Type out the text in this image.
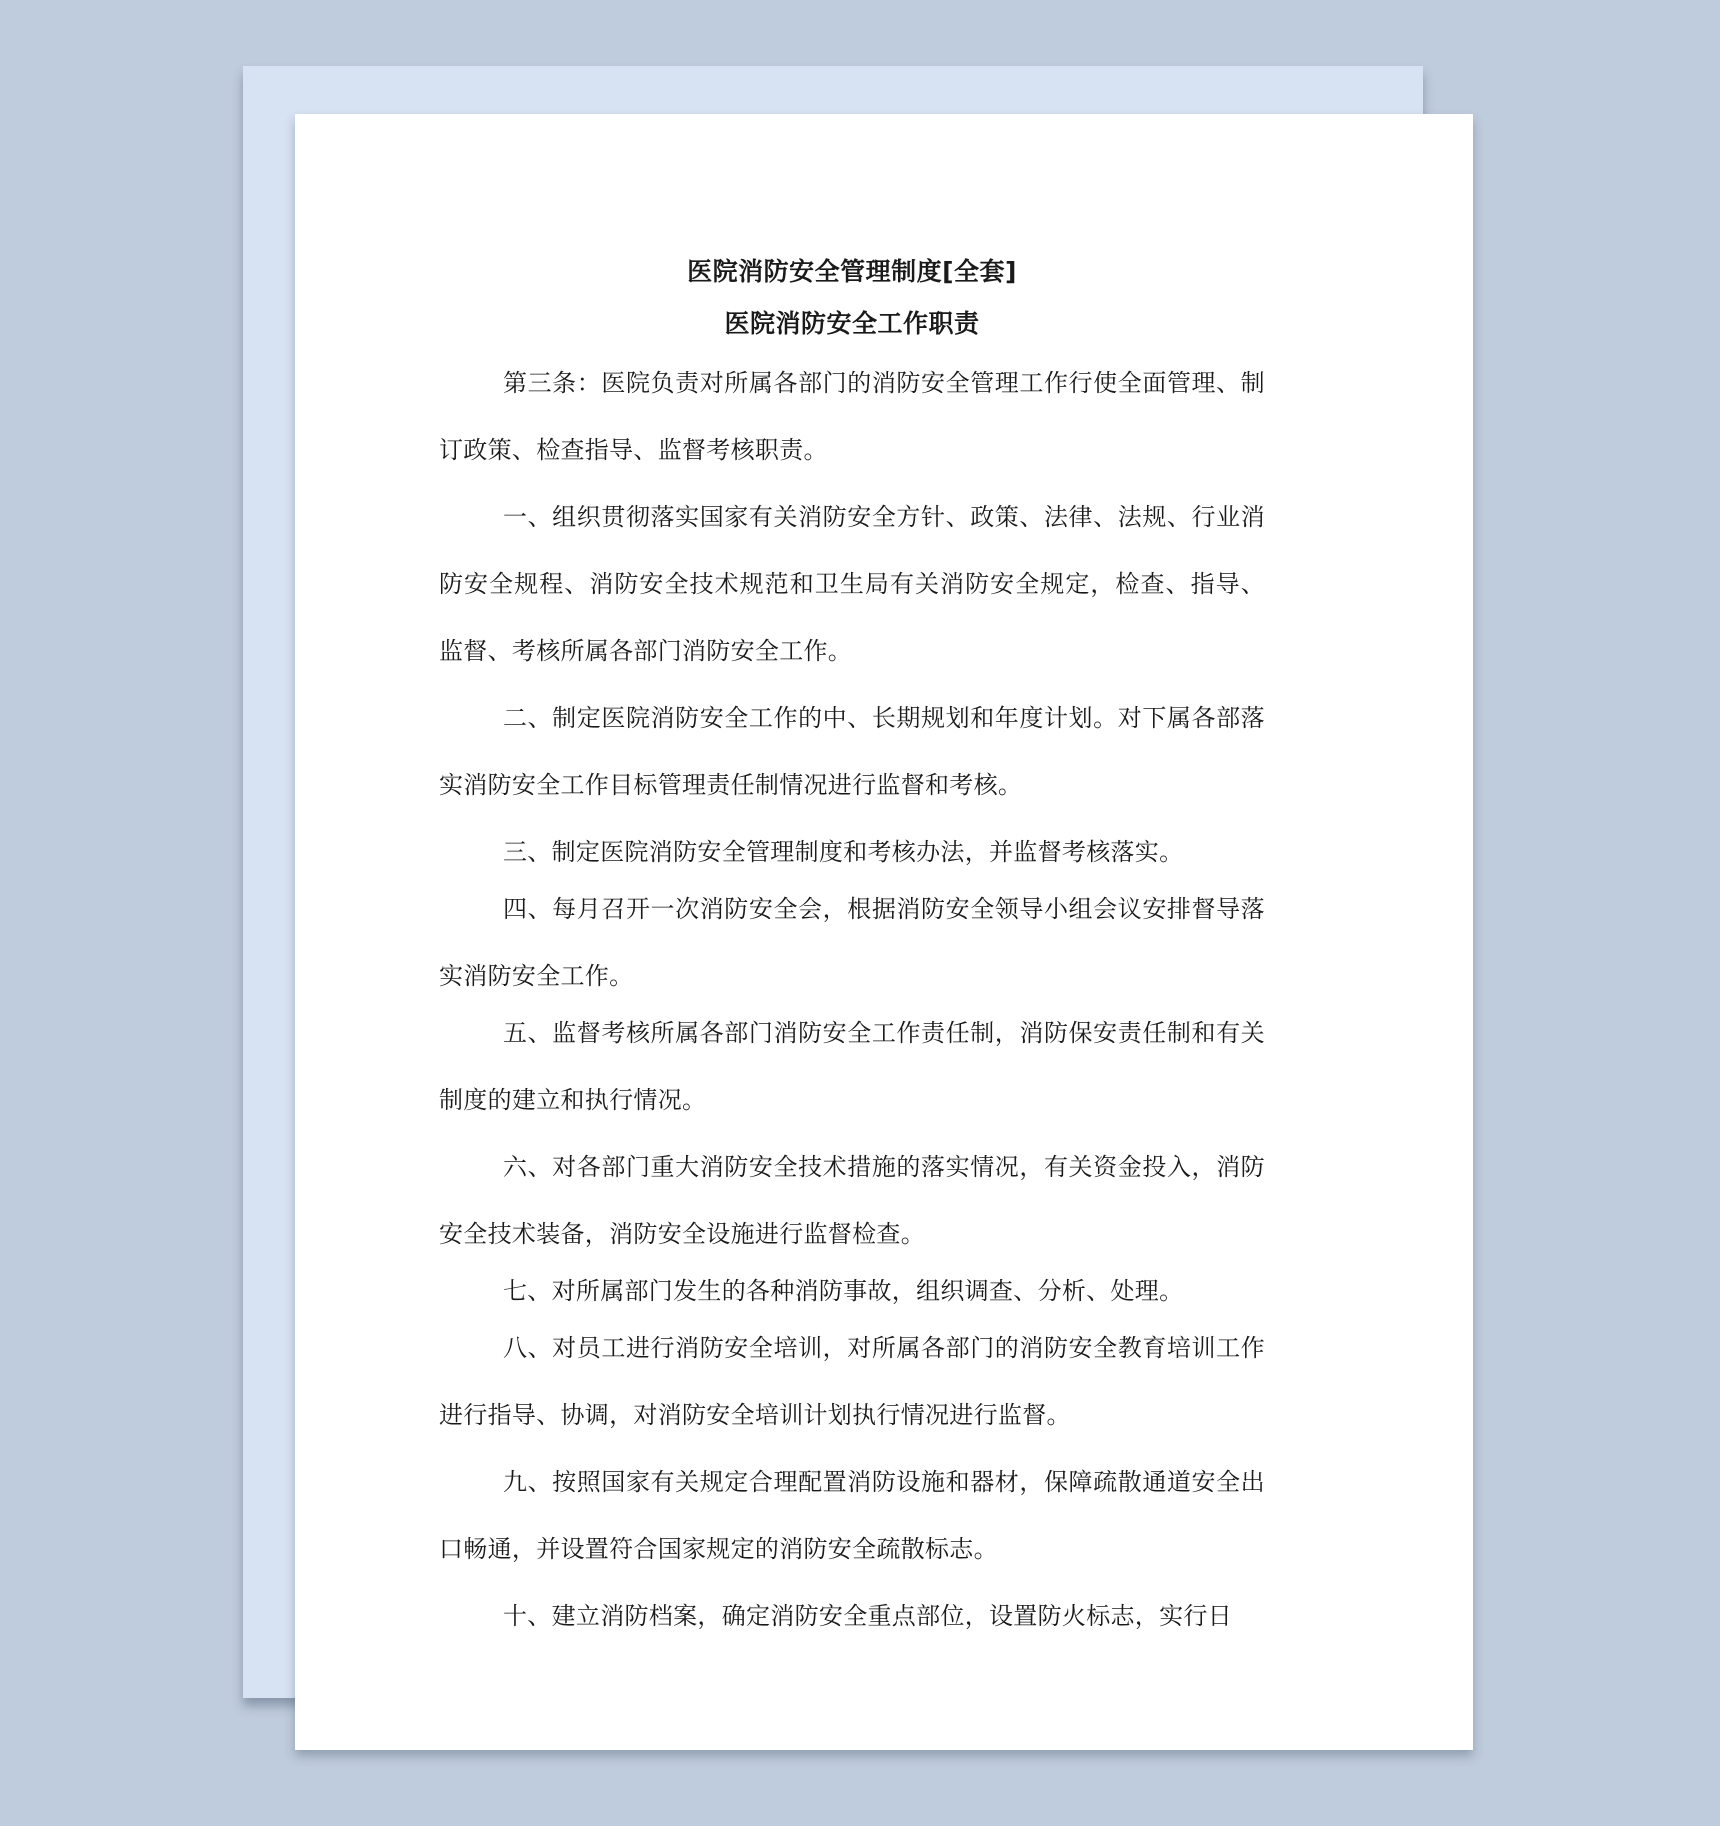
医院消防安全管理制度[全套]
医院消防安全工作职责

第三条：医院负责对所属各部门的消防安全管理工作行使全面管理、制订政策、检查指导、监督考核职责。

一、组织贯彻落实国家有关消防安全方针、政策、法律、法规、行业消防安全规程、消防安全技术规范和卫生局有关消防安全规定，检查、指导、监督、考核所属各部门消防安全工作。

二、制定医院消防安全工作的中、长期规划和年度计划。对下属各部落实消防安全工作目标管理责任制情况进行监督和考核。

三、制定医院消防安全管理制度和考核办法，并监督考核落实。

四、每月召开一次消防安全会，根据消防安全领导小组会议安排督导落实消防安全工作。

五、监督考核所属各部门消防安全工作责任制，消防保安责任制和有关制度的建立和执行情况。

六、对各部门重大消防安全技术措施的落实情况，有关资金投入，消防安全技术装备，消防安全设施进行监督检查。

七、对所属部门发生的各种消防事故，组织调查、分析、处理。

八、对员工进行消防安全培训，对所属各部门的消防安全教育培训工作进行指导、协调，对消防安全培训计划执行情况进行监督。

九、按照国家有关规定合理配置消防设施和器材，保障疏散通道安全出口畅通，并设置符合国家规定的消防安全疏散标志。

十、建立消防档案，确定消防安全重点部位，设置防火标志，实行日
